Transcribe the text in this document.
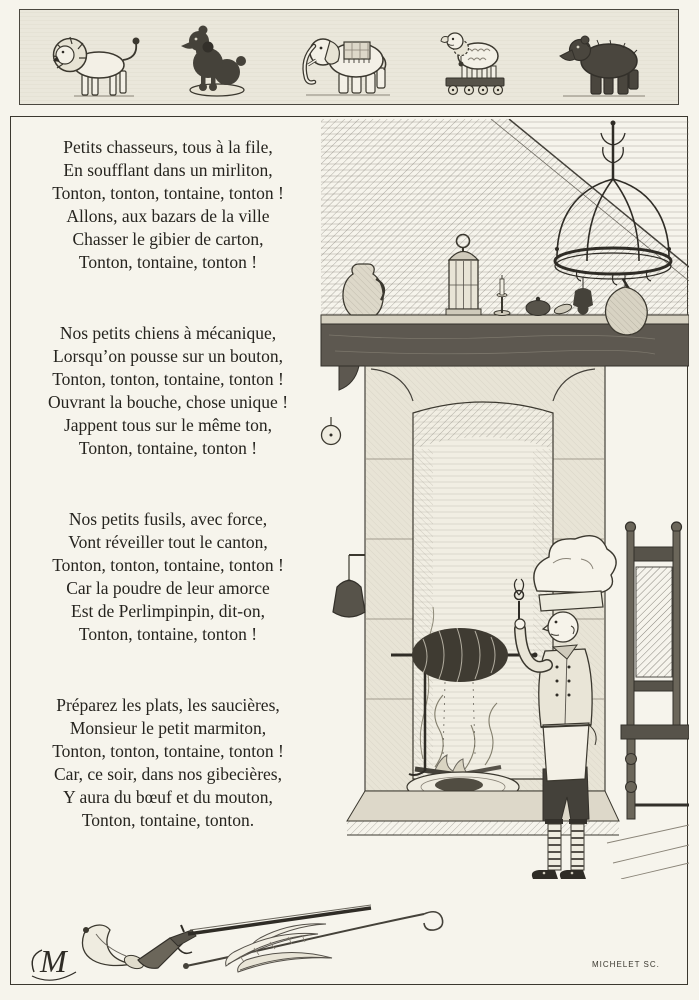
Petits chasseurs, tous à la file,
En soufflant dans un mirliton,
Tonton, tonton, tontaine, tonton !
Allons, aux bazars de la ville
Chasser le gibier de carton,
Tonton, tontaine, tonton !
Nos petits chiens à mécanique,
Lorsqu’on pousse sur un bouton,
Tonton, tonton, tontaine, tonton !
Ouvrant la bouche, chose unique !
Jappent tous sur le même ton,
Tonton, tontaine, tonton !
Nos petits fusils, avec force,
Vont réveiller tout le canton,
Tonton, tonton, tontaine, tonton !
Car la poudre de leur amorce
Est de Perlimpinpin, dit-on,
Tonton, tontaine, tonton !
Préparez les plats, les saucières,
Monsieur le petit marmiton,
Tonton, tonton, tontaine, tonton !
Car, ce soir, dans nos gibecières,
Y aura du bœuf et du mouton,
Tonton, tontaine, tonton.
M	MICHELET SC.
